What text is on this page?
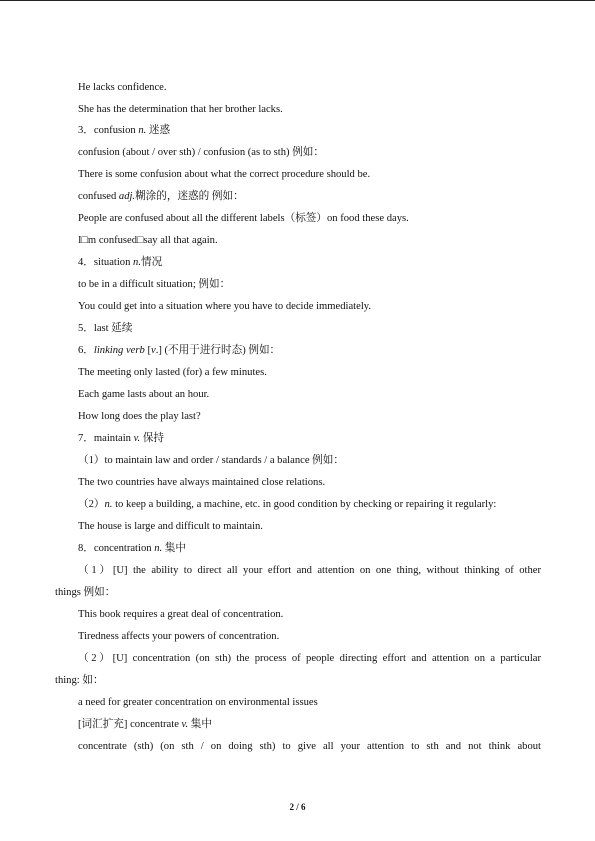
He lacks confidence.
She has the determination that her brother lacks.
3．confusion n. 迷惑
confusion (about / over sth) / confusion (as to sth) 例如：
There is some confusion about what the correct procedure should be.
confused adj.糊涂的，迷惑的 例如：
People are confused about all the different labels（标签）on food these days.
I□m confused□say all that again.
4．situation n.情况
to be in a difficult situation; 例如：
You could get into a situation where you have to decide immediately.
5．last 延续
6．linking verb [v.] (不用于进行时态) 例如：
The meeting only lasted (for) a few minutes.
Each game lasts about an hour.
How long does the play last?
7．maintain v. 保持
（1）to maintain law and order / standards / a balance 例如：
The two countries have always maintained close relations.
（2）n. to keep a building, a machine, etc. in good condition by checking or repairing it regularly:
The house is large and difficult to maintain.
8．concentration n. 集中
（1）[U] the ability to direct all your effort and attention on one thing, without thinking of other
things 例如：
This book requires a great deal of concentration.
Tiredness affects your powers of concentration.
（2）[U] concentration (on sth) the process of people directing effort and attention on a particular
thing: 如：
a need for greater concentration on environmental issues
[词汇扩充] concentrate v. 集中
concentrate (sth) (on sth / on doing sth) to give all your attention to sth and not think about
2 / 6
